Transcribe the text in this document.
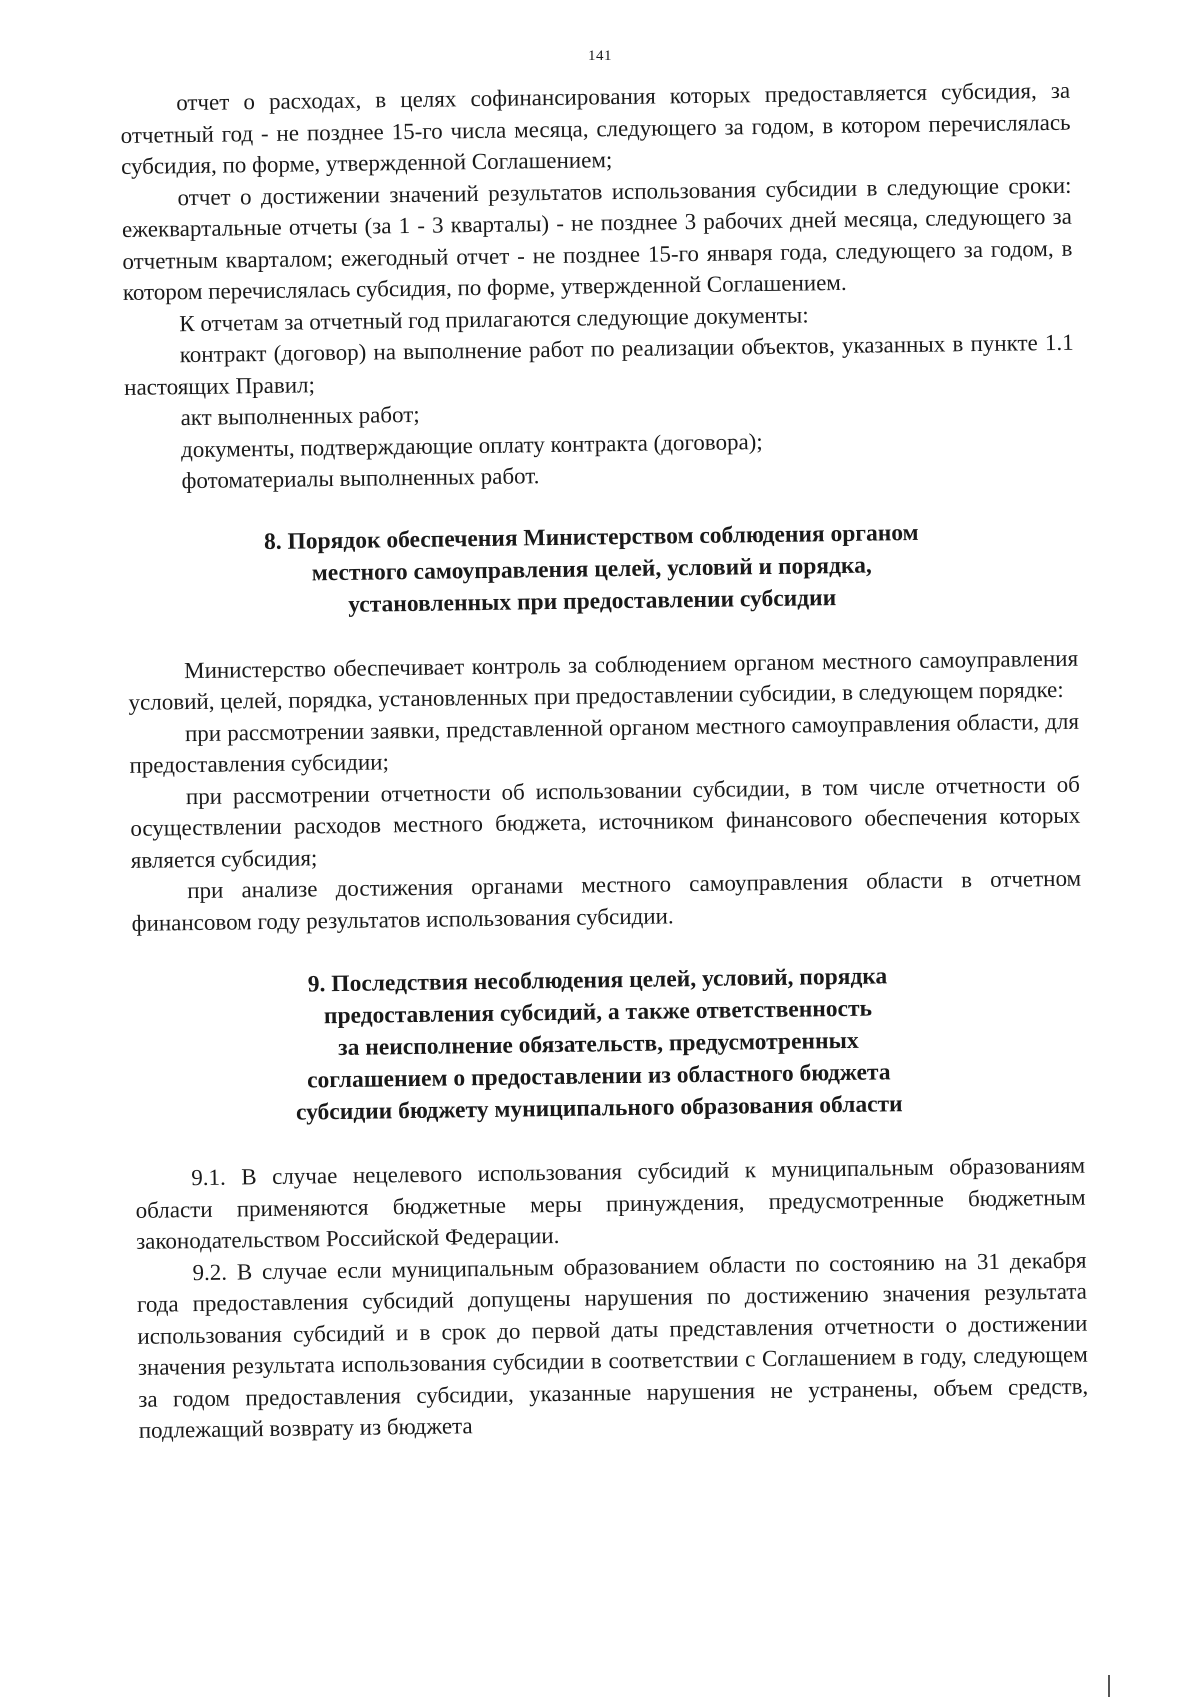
141

отчет о расходах, в целях софинансирования которых предоставляется субсидия, за отчетный год - не позднее 15-го числа месяца, следующего за годом, в котором перечислялась субсидия, по форме, утвержденной Соглашением;

отчет о достижении значений результатов использования субсидии в следующие сроки: ежеквартальные отчеты (за 1 - 3 кварталы) - не позднее 3 рабочих дней месяца, следующего за отчетным кварталом; ежегодный отчет - не позднее 15-го января года, следующего за годом, в котором перечислялась субсидия, по форме, утвержденной Соглашением.

К отчетам за отчетный год прилагаются следующие документы:

контракт (договор) на выполнение работ по реализации объектов, указанных в пункте 1.1 настоящих Правил;

акт выполненных работ;

документы, подтверждающие оплату контракта (договора);

фотоматериалы выполненных работ.

8. Порядок обеспечения Министерством соблюдения органом
местного самоуправления целей, условий и порядка,
установленных при предоставлении субсидии

Министерство обеспечивает контроль за соблюдением органом местного самоуправления условий, целей, порядка, установленных при предоставлении субсидии, в следующем порядке:

при рассмотрении заявки, представленной органом местного самоуправления области, для предоставления субсидии;

при рассмотрении отчетности об использовании субсидии, в том числе отчетности об осуществлении расходов местного бюджета, источником финансового обеспечения которых является субсидия;

при анализе достижения органами местного самоуправления области в отчетном финансовом году результатов использования субсидии.

9. Последствия несоблюдения целей, условий, порядка
предоставления субсидий, а также ответственность
за неисполнение обязательств, предусмотренных
соглашением о предоставлении из областного бюджета
субсидии бюджету муниципального образования области

9.1. В случае нецелевого использования субсидий к муниципальным образованиям области применяются бюджетные меры принуждения, предусмотренные бюджетным законодательством Российской Федерации.

9.2. В случае если муниципальным образованием области по состоянию на 31 декабря года предоставления субсидий допущены нарушения по достижению значения результата использования субсидий и в срок до первой даты представления отчетности о достижении значения результата использования субсидии в соответствии с Соглашением в году, следующем за годом предоставления субсидии, указанные нарушения не устранены, объем средств, подлежащий возврату из бюджета
